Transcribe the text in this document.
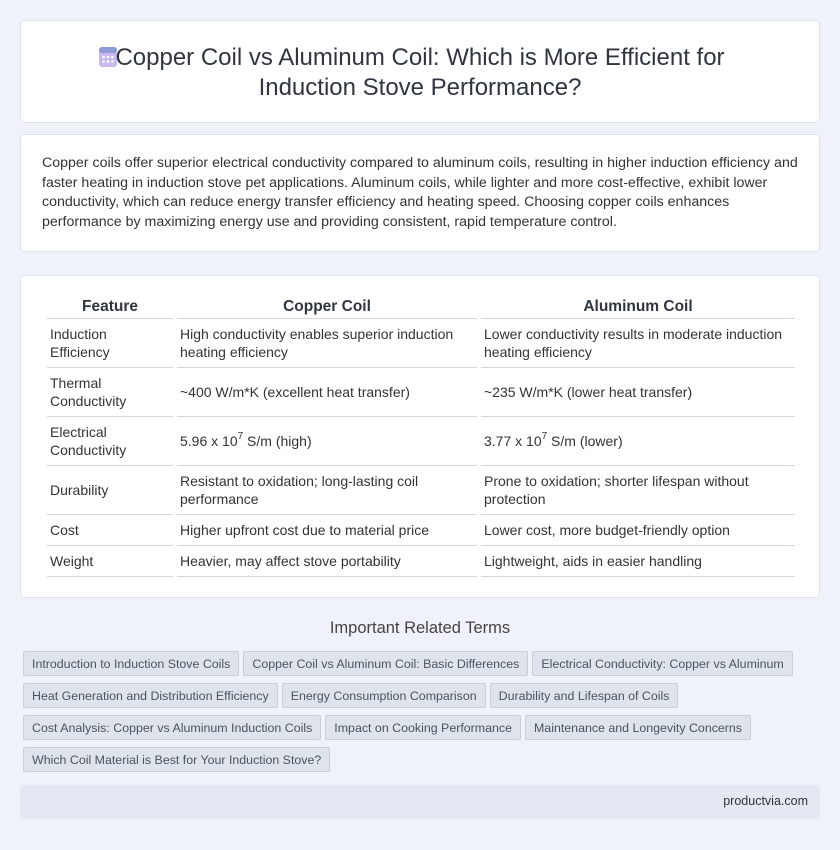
Copper Coil vs Aluminum Coil: Which is More Efficient for Induction Stove Performance?

Copper coils offer superior electrical conductivity compared to aluminum coils, resulting in higher induction efficiency and faster heating in induction stove pet applications. Aluminum coils, while lighter and more cost-effective, exhibit lower conductivity, which can reduce energy transfer efficiency and heating speed. Choosing copper coils enhances performance by maximizing energy use and providing consistent, rapid temperature control.

Feature	Copper Coil	Aluminum Coil
Induction Efficiency	High conductivity enables superior induction heating efficiency	Lower conductivity results in moderate induction heating efficiency
Thermal Conductivity	~400 W/m*K (excellent heat transfer)	~235 W/m*K (lower heat transfer)
Electrical Conductivity	5.96 x $10^7$ S/m (high)	3.77 x $10^7$ S/m (lower)
Durability	Resistant to oxidation; long-lasting coil performance	Prone to oxidation; shorter lifespan without protection
Cost	Higher upfront cost due to material price	Lower cost, more budget-friendly option
Weight	Heavier, may affect stove portability	Lightweight, aids in easier handling
Important Related Terms
Introduction to Induction Stove Coils Copper Coil vs Aluminum Coil: Basic Differences Electrical Conductivity: Copper vs Aluminum
Heat Generation and Distribution Efficiency Energy Consumption Comparison Durability and Lifespan of Coils
Cost Analysis: Copper vs Aluminum Induction Coils Impact on Cooking Performance Maintenance and Longevity Concerns
Which Coil Material is Best for Your Induction Stove?
productvia.com
